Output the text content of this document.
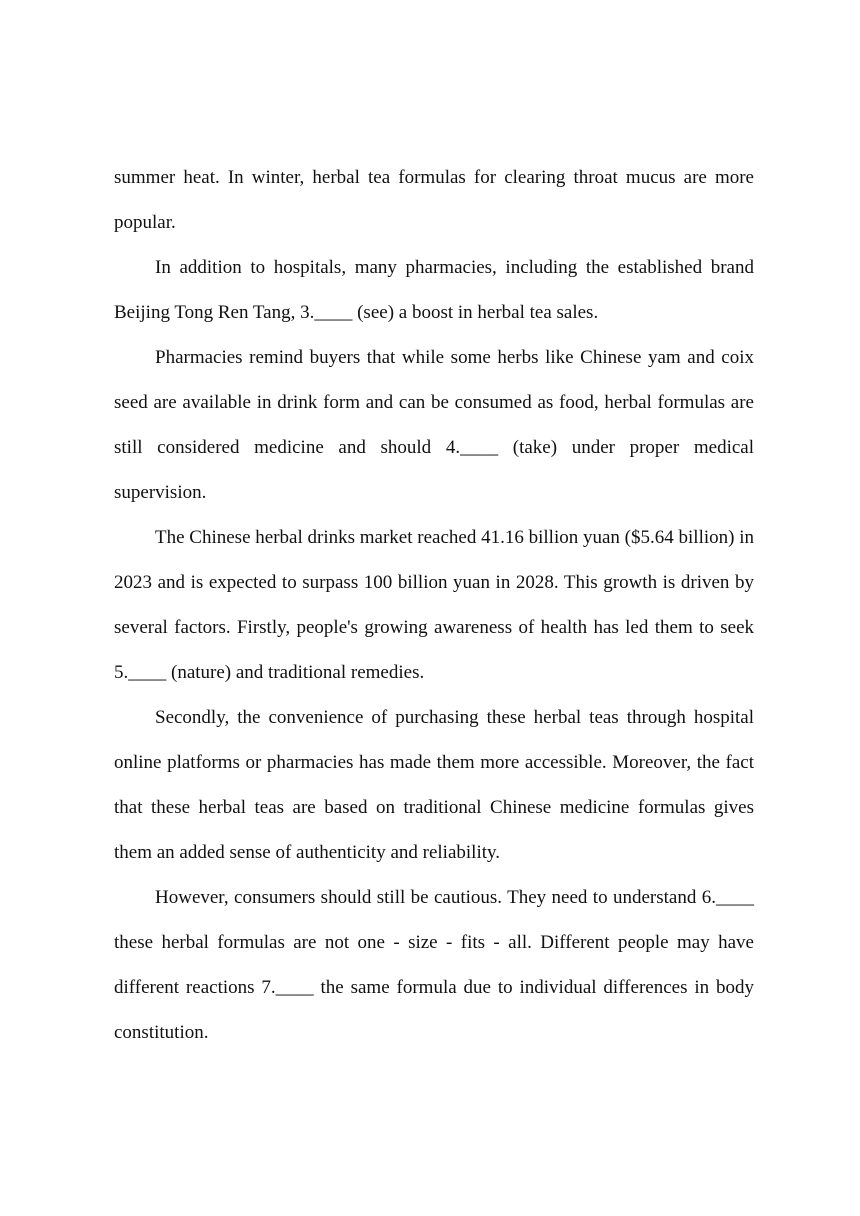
summer heat. In winter, herbal tea formulas for clearing throat mucus are more popular.

In addition to hospitals, many pharmacies, including the established brand Beijing Tong Ren Tang, 3.____ (see) a boost in herbal tea sales.

Pharmacies remind buyers that while some herbs like Chinese yam and coix seed are available in drink form and can be consumed as food, herbal formulas are still considered medicine and should 4.____ (take) under proper medical supervision.

The Chinese herbal drinks market reached 41.16 billion yuan ($5.64 billion) in 2023 and is expected to surpass 100 billion yuan in 2028. This growth is driven by several factors. Firstly, people's growing awareness of health has led them to seek 5.____ (nature) and traditional remedies.

Secondly, the convenience of purchasing these herbal teas through hospital online platforms or pharmacies has made them more accessible. Moreover, the fact that these herbal teas are based on traditional Chinese medicine formulas gives them an added sense of authenticity and reliability.

However, consumers should still be cautious. They need to understand 6.____ these herbal formulas are not one - size - fits - all. Different people may have different reactions 7.____ the same formula due to individual differences in body constitution.
